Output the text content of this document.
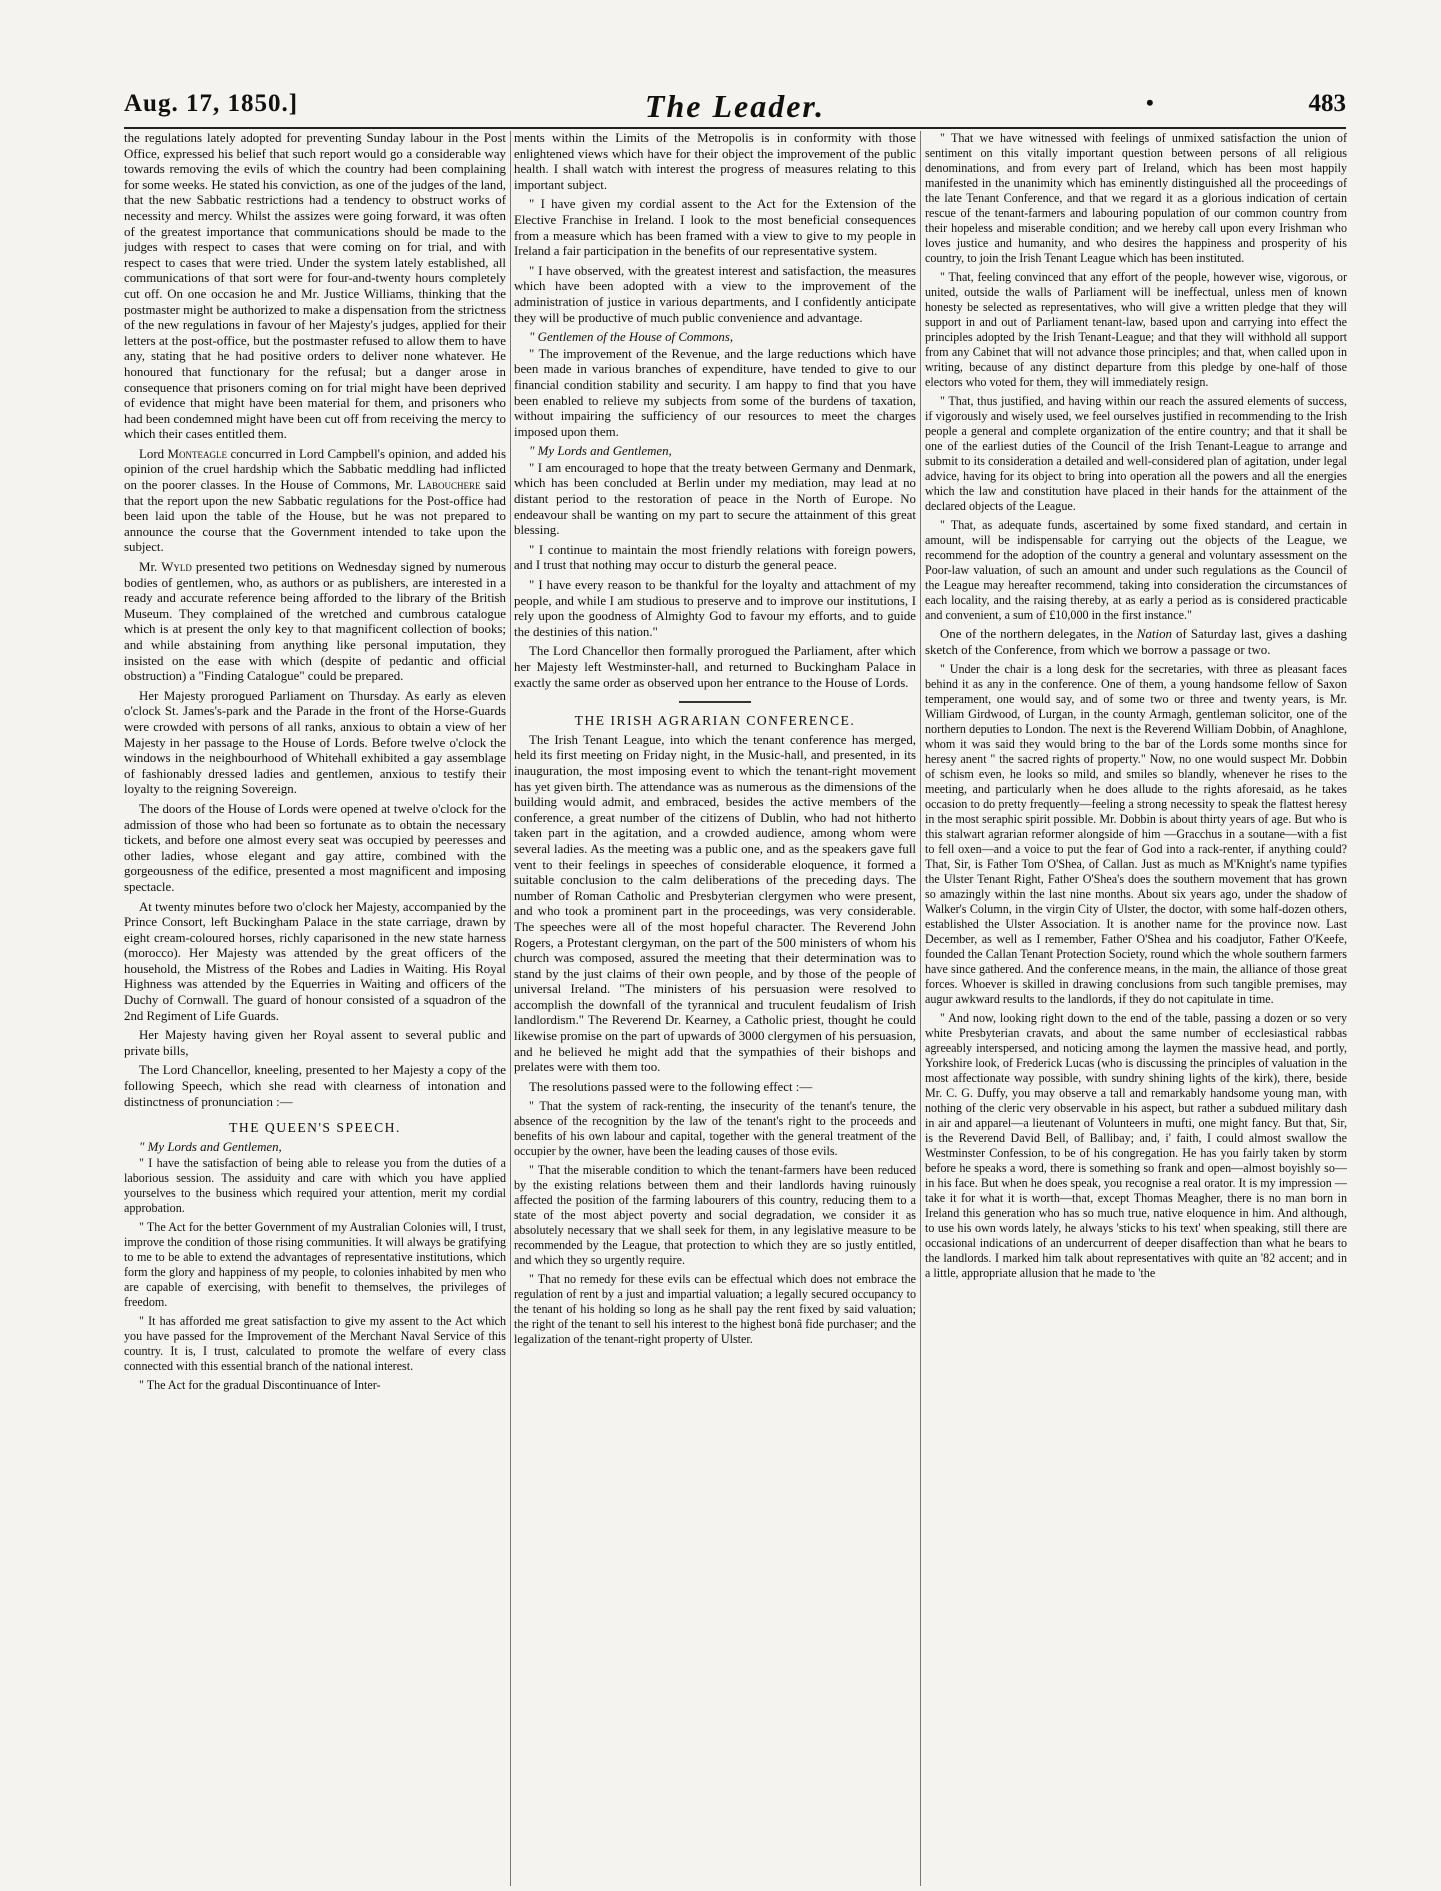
Aug. 17, 1850.]	The Leader.	•	483

the regulations lately adopted for preventing Sunday labour in the Post Office, expressed his belief that such report would go a considerable way towards removing the evils of which the country had been complaining for some weeks. He stated his conviction, as one of the judges of the land, that the new Sabbatic restrictions had a tendency to obstruct works of necessity and mercy. Whilst the assizes were going forward, it was often of the greatest importance that communications should be made to the judges with respect to cases that were coming on for trial, and with respect to cases that were tried. Under the system lately established, all communications of that sort were for four-and-twenty hours completely cut off. On one occasion he and Mr. Justice Williams, thinking that the postmaster might be authorized to make a dispensation from the strictness of the new regulations in favour of her Majesty's judges, applied for their letters at the post-office, but the postmaster refused to allow them to have any, stating that he had positive orders to deliver none whatever. He honoured that functionary for the refusal; but a danger arose in consequence that prisoners coming on for trial might have been deprived of evidence that might have been material for them, and prisoners who had been condemned might have been cut off from receiving the mercy to which their cases entitled them.

Lord Monteagle concurred in Lord Campbell's opinion, and added his opinion of the cruel hardship which the Sabbatic meddling had inflicted on the poorer classes. In the House of Commons, Mr. Labouchere said that the report upon the new Sabbatic regulations for the Post-office had been laid upon the table of the House, but he was not prepared to announce the course that the Government intended to take upon the subject.

Mr. Wyld presented two petitions on Wednesday signed by numerous bodies of gentlemen, who, as authors or as publishers, are interested in a ready and accurate reference being afforded to the library of the British Museum. They complained of the wretched and cumbrous catalogue which is at present the only key to that magnificent collection of books; and while abstaining from anything like personal imputation, they insisted on the ease with which (despite of pedantic and official obstruction) a "Finding Catalogue" could be prepared.

Her Majesty prorogued Parliament on Thursday. As early as eleven o'clock St. James's-park and the Parade in the front of the Horse-Guards were crowded with persons of all ranks, anxious to obtain a view of her Majesty in her passage to the House of Lords. Before twelve o'clock the windows in the neighbourhood of Whitehall exhibited a gay assemblage of fashionably dressed ladies and gentlemen, anxious to testify their loyalty to the reigning Sovereign.

The doors of the House of Lords were opened at twelve o'clock for the admission of those who had been so fortunate as to obtain the necessary tickets, and before one almost every seat was occupied by peeresses and other ladies, whose elegant and gay attire, combined with the gorgeousness of the edifice, presented a most magnificent and imposing spectacle.

At twenty minutes before two o'clock her Majesty, accompanied by the Prince Consort, left Buckingham Palace in the state carriage, drawn by eight cream-coloured horses, richly caparisoned in the new state harness (morocco). Her Majesty was attended by the great officers of the household, the Mistress of the Robes and Ladies in Waiting. His Royal Highness was attended by the Equerries in Waiting and officers of the Duchy of Cornwall. The guard of honour consisted of a squadron of the 2nd Regiment of Life Guards.

Her Majesty having given her Royal assent to several public and private bills,

The Lord Chancellor, kneeling, presented to her Majesty a copy of the following Speech, which she read with clearness of intonation and distinctness of pronunciation :—

THE QUEEN'S SPEECH.

" My Lords and Gentlemen,

" I have the satisfaction of being able to release you from the duties of a laborious session. The assiduity and care with which you have applied yourselves to the business which required your attention, merit my cordial approbation.

" The Act for the better Government of my Australian Colonies will, I trust, improve the condition of those rising communities. It will always be gratifying to me to be able to extend the advantages of representative institutions, which form the glory and happiness of my people, to colonies inhabited by men who are capable of exercising, with benefit to themselves, the privileges of freedom.

" It has afforded me great satisfaction to give my assent to the Act which you have passed for the Improvement of the Merchant Naval Service of this country. It is, I trust, calculated to promote the welfare of every class connected with this essential branch of the national interest.

" The Act for the gradual Discontinuance of Inter-

ments within the Limits of the Metropolis is in conformity with those enlightened views which have for their object the improvement of the public health. I shall watch with interest the progress of measures relating to this important subject.

" I have given my cordial assent to the Act for the Extension of the Elective Franchise in Ireland. I look to the most beneficial consequences from a measure which has been framed with a view to give to my people in Ireland a fair participation in the benefits of our representative system.

" I have observed, with the greatest interest and satisfaction, the measures which have been adopted with a view to the improvement of the administration of justice in various departments, and I confidently anticipate they will be productive of much public convenience and advantage.

" Gentlemen of the House of Commons,

" The improvement of the Revenue, and the large reductions which have been made in various branches of expenditure, have tended to give to our financial condition stability and security. I am happy to find that you have been enabled to relieve my subjects from some of the burdens of taxation, without impairing the sufficiency of our resources to meet the charges imposed upon them.

" My Lords and Gentlemen,

" I am encouraged to hope that the treaty between Germany and Denmark, which has been concluded at Berlin under my mediation, may lead at no distant period to the restoration of peace in the North of Europe. No endeavour shall be wanting on my part to secure the attainment of this great blessing.

" I continue to maintain the most friendly relations with foreign powers, and I trust that nothing may occur to disturb the general peace.

" I have every reason to be thankful for the loyalty and attachment of my people, and while I am studious to preserve and to improve our institutions, I rely upon the goodness of Almighty God to favour my efforts, and to guide the destinies of this nation."

The Lord Chancellor then formally prorogued the Parliament, after which her Majesty left Westminster-hall, and returned to Buckingham Palace in exactly the same order as observed upon her entrance to the House of Lords.

THE IRISH AGRARIAN CONFERENCE.

The Irish Tenant League, into which the tenant conference has merged, held its first meeting on Friday night, in the Music-hall, and presented, in its inauguration, the most imposing event to which the tenant-right movement has yet given birth. The attendance was as numerous as the dimensions of the building would admit, and embraced, besides the active members of the conference, a great number of the citizens of Dublin, who had not hitherto taken part in the agitation, and a crowded audience, among whom were several ladies. As the meeting was a public one, and as the speakers gave full vent to their feelings in speeches of considerable eloquence, it formed a suitable conclusion to the calm deliberations of the preceding days. The number of Roman Catholic and Presbyterian clergymen who were present, and who took a prominent part in the proceedings, was very considerable. The speeches were all of the most hopeful character. The Reverend John Rogers, a Protestant clergyman, on the part of the 500 ministers of whom his church was composed, assured the meeting that their determination was to stand by the just claims of their own people, and by those of the people of universal Ireland. "The ministers of his persuasion were resolved to accomplish the downfall of the tyrannical and truculent feudalism of Irish landlordism." The Reverend Dr. Kearney, a Catholic priest, thought he could likewise promise on the part of upwards of 3000 clergymen of his persuasion, and he believed he might add that the sympathies of their bishops and prelates were with them too.

The resolutions passed were to the following effect :—

" That the system of rack-renting, the insecurity of the tenant's tenure, the absence of the recognition by the law of the tenant's right to the proceeds and benefits of his own labour and capital, together with the general treatment of the occupier by the owner, have been the leading causes of those evils.

" That the miserable condition to which the tenant-farmers have been reduced by the existing relations between them and their landlords having ruinously affected the position of the farming labourers of this country, reducing them to a state of the most abject poverty and social degradation, we consider it as absolutely necessary that we shall seek for them, in any legislative measure to be recommended by the League, that protection to which they are so justly entitled, and which they so urgently require.

" That no remedy for these evils can be effectual which does not embrace the regulation of rent by a just and impartial valuation; a legally secured occupancy to the tenant of his holding so long as he shall pay the rent fixed by said valuation; the right of the tenant to sell his interest to the highest bonâ fide purchaser; and the legalization of the tenant-right property of Ulster.

" That we have witnessed with feelings of unmixed satisfaction the union of sentiment on this vitally important question between persons of all religious denominations, and from every part of Ireland, which has been most happily manifested in the unanimity which has eminently distinguished all the proceedings of the late Tenant Conference, and that we regard it as a glorious indication of certain rescue of the tenant-farmers and labouring population of our common country from their hopeless and miserable condition; and we hereby call upon every Irishman who loves justice and humanity, and who desires the happiness and prosperity of his country, to join the Irish Tenant League which has been instituted.

" That, feeling convinced that any effort of the people, however wise, vigorous, or united, outside the walls of Parliament will be ineffectual, unless men of known honesty be selected as representatives, who will give a written pledge that they will support in and out of Parliament tenant-law, based upon and carrying into effect the principles adopted by the Irish Tenant-League; and that they will withhold all support from any Cabinet that will not advance those principles; and that, when called upon in writing, because of any distinct departure from this pledge by one-half of those electors who voted for them, they will immediately resign.

" That, thus justified, and having within our reach the assured elements of success, if vigorously and wisely used, we feel ourselves justified in recommending to the Irish people a general and complete organization of the entire country; and that it shall be one of the earliest duties of the Council of the Irish Tenant-League to arrange and submit to its consideration a detailed and well-considered plan of agitation, under legal advice, having for its object to bring into operation all the powers and all the energies which the law and constitution have placed in their hands for the attainment of the declared objects of the League.

" That, as adequate funds, ascertained by some fixed standard, and certain in amount, will be indispensable for carrying out the objects of the League, we recommend for the adoption of the country a general and voluntary assessment on the Poor-law valuation, of such an amount and under such regulations as the Council of the League may hereafter recommend, taking into consideration the circumstances of each locality, and the raising thereby, at as early a period as is considered practicable and convenient, a sum of £10,000 in the first instance."

One of the northern delegates, in the Nation of Saturday last, gives a dashing sketch of the Conference, from which we borrow a passage or two.

" Under the chair is a long desk for the secretaries, with three as pleasant faces behind it as any in the conference. One of them, a young handsome fellow of Saxon temperament, one would say, and of some two or three and twenty years, is Mr. William Girdwood, of Lurgan, in the county Armagh, gentleman solicitor, one of the northern deputies to London. The next is the Reverend William Dobbin, of Anaghlone, whom it was said they would bring to the bar of the Lords some months since for heresy anent " the sacred rights of property." Now, no one would suspect Mr. Dobbin of schism even, he looks so mild, and smiles so blandly, whenever he rises to the meeting, and particularly when he does allude to the rights aforesaid, as he takes occasion to do pretty frequently—feeling a strong necessity to speak the flattest heresy in the most seraphic spirit possible. Mr. Dobbin is about thirty years of age. But who is this stalwart agrarian reformer alongside of him —Gracchus in a soutane—with a fist to fell oxen—and a voice to put the fear of God into a rack-renter, if anything could? That, Sir, is Father Tom O'Shea, of Callan. Just as much as M'Knight's name typifies the Ulster Tenant Right, Father O'Shea's does the southern movement that has grown so amazingly within the last nine months. About six years ago, under the shadow of Walker's Column, in the virgin City of Ulster, the doctor, with some half-dozen others, established the Ulster Association. It is another name for the province now. Last December, as well as I remember, Father O'Shea and his coadjutor, Father O'Keefe, founded the Callan Tenant Protection Society, round which the whole southern farmers have since gathered. And the conference means, in the main, the alliance of those great forces. Whoever is skilled in drawing conclusions from such tangible premises, may augur awkward results to the landlords, if they do not capitulate in time.

" And now, looking right down to the end of the table, passing a dozen or so very white Presbyterian cravats, and about the same number of ecclesiastical rabbas agreeably interspersed, and noticing among the laymen the massive head, and portly, Yorkshire look, of Frederick Lucas (who is discussing the principles of valuation in the most affectionate way possible, with sundry shining lights of the kirk), there, beside Mr. C. G. Duffy, you may observe a tall and remarkably handsome young man, with nothing of the cleric very observable in his aspect, but rather a subdued military dash in air and apparel—a lieutenant of Volunteers in mufti, one might fancy. But that, Sir, is the Reverend David Bell, of Ballibay; and, i' faith, I could almost swallow the Westminster Confession, to be of his congregation. He has you fairly taken by storm before he speaks a word, there is something so frank and open—almost boyishly so—in his face. But when he does speak, you recognise a real orator. It is my impression —take it for what it is worth—that, except Thomas Meagher, there is no man born in Ireland this generation who has so much true, native eloquence in him. And although, to use his own words lately, he always 'sticks to his text' when speaking, still there are occasional indications of an undercurrent of deeper disaffection than what he bears to the landlords. I marked him talk about representatives with quite an '82 accent; and in a little, appropriate allusion that he made to 'the
